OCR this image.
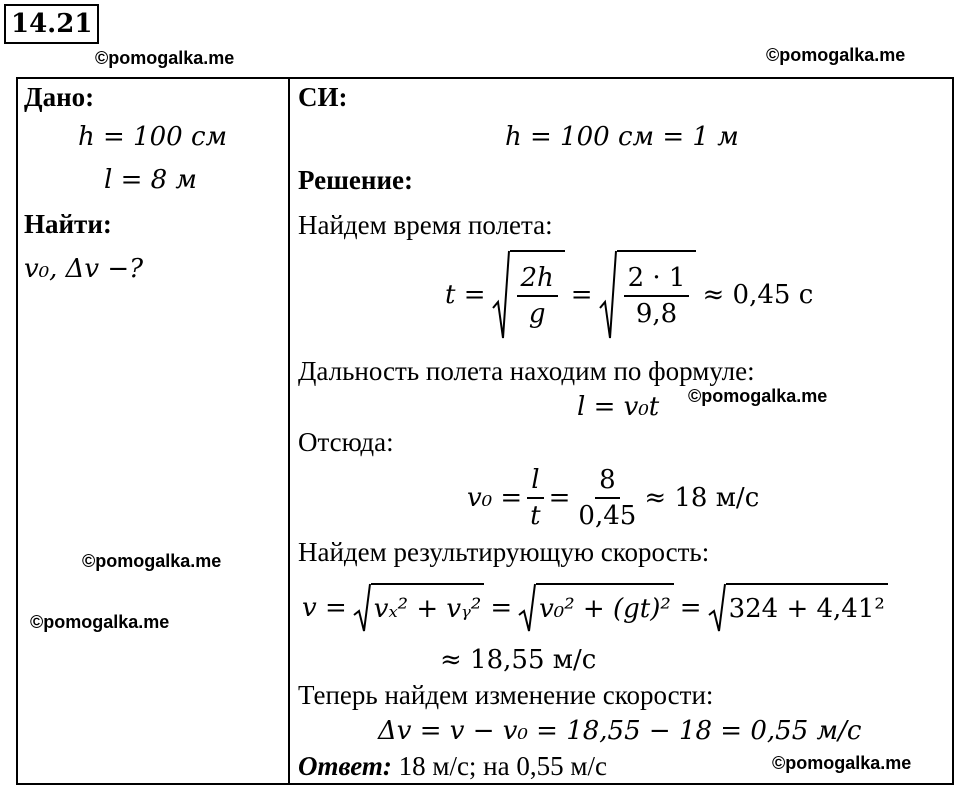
14.21
©pomogalka.me	©pomogalka.me
©pomogalka.me
©pomogalka.me
©pomogalka.me
©pomogalka.me
Дано:
h = 100 см
l = 8 м
Найти:
v₀, Δv −?
СИ:
h = 100 см = 1 м
Решение:
Найдем время полета:
$t = \frac{2h}{g} = \frac{2 \cdot 1}{9,8} \approx 0,45$ с
Дальность полета находим по формуле:
l = v₀t
Отсюда:
$v_0 = \frac{l}{t} = \frac{8}{0,45} \approx 18$ м/с
Найдем результирующую скорость:
v = vₓ² + vᵧ² = v₀² + (gt)² = 324 + 4,41²
≈ 18,55 м/с
Теперь найдем изменение скорости:
Δv = v − v₀ = 18,55 − 18 = 0,55 м/с
Ответ: 18 м/с; на 0,55 м/с
